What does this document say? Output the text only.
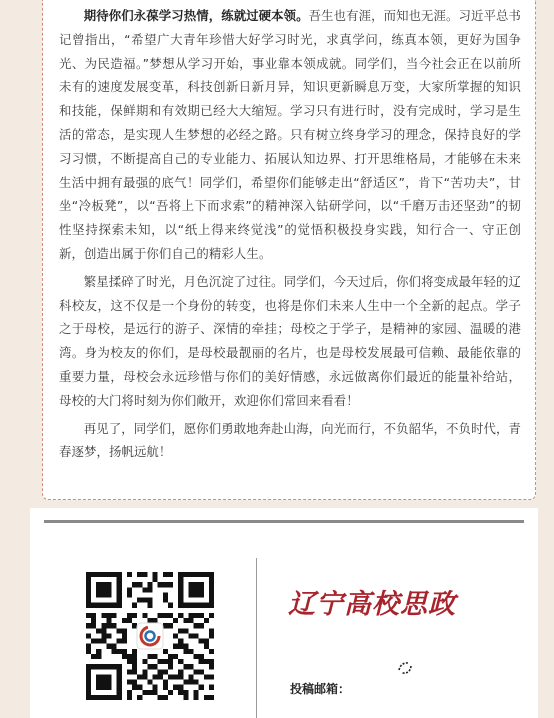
期待你们永葆学习热情，练就过硬本领。吾生也有涯，而知也无涯。习近平总书记曾指出，“希望广大青年珍惜大好学习时光，求真学问，练真本领，更好为国争光、为民造福。”梦想从学习开始，事业靠本领成就。同学们，当今社会正在以前所未有的速度发展变革，科技创新日新月异，知识更新瞬息万变，大家所掌握的知识和技能，保鲜期和有效期已经大大缩短。学习只有进行时，没有完成时，学习是生活的常态，是实现人生梦想的必经之路。只有树立终身学习的理念，保持良好的学习习惯，不断提高自己的专业能力、拓展认知边界、打开思维格局，才能够在未来生活中拥有最强的底气！同学们，希望你们能够走出“舒适区”，肯下“苦功夫”，甘坐“冷板凳”，以“吾将上下而求索”的精神深入钻研学问，以“千磨万击还坚劲”的韧性坚持探索未知，以“纸上得来终觉浅”的觉悟积极投身实践，知行合一、守正创新，创造出属于你们自己的精彩人生。

繁星揉碎了时光，月色沉淀了过往。同学们，今天过后，你们将变成最年轻的辽科校友，这不仅是一个身份的转变，也将是你们未来人生中一个全新的起点。学子之于母校，是远行的游子、深情的牵挂；母校之于学子，是精神的家园、温暖的港湾。身为校友的你们，是母校最靓丽的名片，也是母校发展最可信赖、最能依靠的重要力量，母校会永远珍惜与你们的美好情感，永远做离你们最近的能量补给站，母校的大门将时刻为你们敞开，欢迎你们常回来看看！

再见了，同学们，愿你们勇敢地奔赴山海，向光而行，不负韶华，不负时代，青春逐梦，扬帆远航！

辽宁高校思政
投稿邮箱：
